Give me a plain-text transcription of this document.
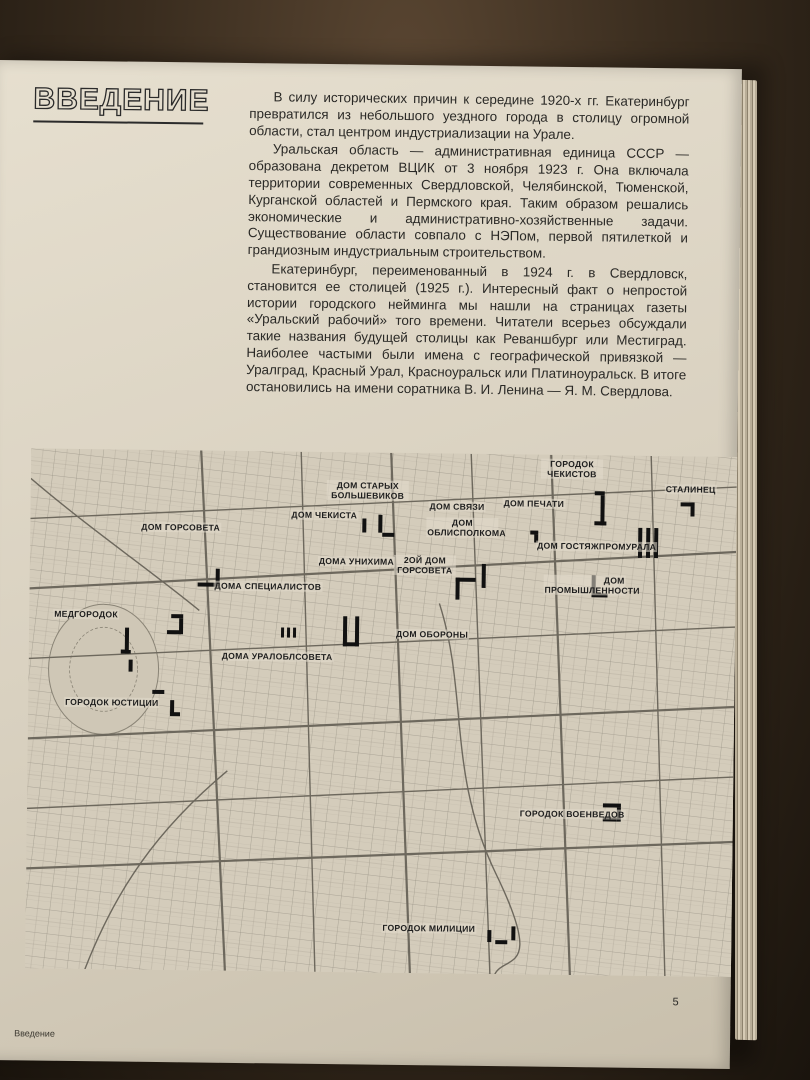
ВВЕДЕНИЕ	В силу исторических причин к середине 1920-х гг. Екатеринбург превратился из небольшого уездного города в столицу огромной области, стал центром индустриализации на Урале.

Уральская область — административная единица СССР — образована декретом ВЦИК от 3 ноября 1923 г. Она включала территории современных Свердловской, Челябинской, Тюменской, Курганской областей и Пермского края. Таким образом решались экономические и административно-хозяйственные задачи. Существование области совпало с НЭПом, первой пятилеткой и грандиозным индустриальным строительством.

Екатеринбург, переименованный в 1924 г. в Свердловск, становится ее столицей (1925 г.). Интересный факт о непростой истории городского нейминга мы нашли на страницах газеты «Уральский рабочий» того времени. Читатели всерьез обсуждали такие названия будущей столицы как Реваншбург или Местиград. Наиболее частыми были имена с географической привязкой — Уралград, Красный Урал, Красноуральск или Платиноуральск. В итоге остановились на имени соратника В. И. Ленина — Я. М. Свердлова.

ГОРОДОК ЧЕКИСТОВ
СТАЛИНЕЦ
ДОМ СТАРЫХ БОЛЬШЕВИКОВ
ДОМ СВЯЗИ ДОМ ПЕЧАТИ
ДОМ ГОРСОВЕТА
ДОМ ЧЕКИСТА
ДОМ ОБЛИСПОЛКОМА
ДОМ ГОСТЯЖПРОМУРАЛА
ДОМА УНИХИМА	2ОЙ ДОМ ГОРСОВЕТА
ДОМА СПЕЦИАЛИСТОВ
ДОМ ПРОМЫШЛЕННОСТИ
МЕДГОРОДОК
ДОМ ОБОРОНЫ
ДОМА УРАЛОБЛСОВЕТА
ГОРОДОК ЮСТИЦИИ
ГОРОДОК ВОЕНВЕДОВ
ГОРОДОК МИЛИЦИИ
5
Введение
